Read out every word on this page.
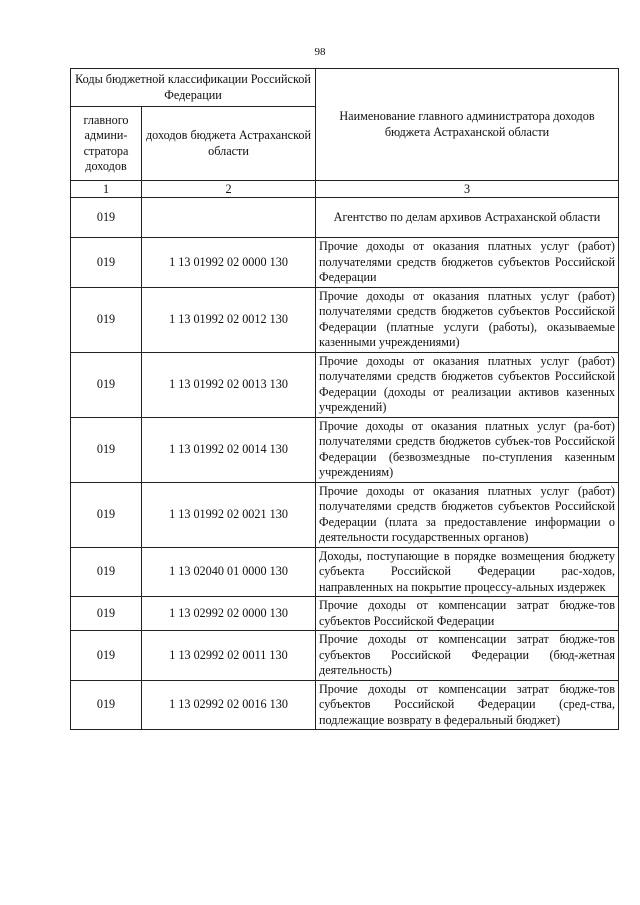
98
Коды бюджетной классификации Российской Федерации		Наименование главного администратора доходов бюджета Астраханской области
главного админи-стратора доходов	доходов бюджета Астраханской области	
1	2	3
019		Агентство по делам архивов Астраханской области
019	1 13 01992 02 0000 130	Прочие доходы от оказания платных услуг (работ) получателями средств бюджетов субъектов Российской Федерации
019	1 13 01992 02 0012 130	Прочие доходы от оказания платных услуг (работ) получателями средств бюджетов субъектов Российской Федерации (платные услуги (работы), оказываемые казенными учреждениями)
019	1 13 01992 02 0013 130	Прочие доходы от оказания платных услуг (работ) получателями средств бюджетов субъектов Российской Федерации (доходы от реализации активов казенных учреждений)
019	1 13 01992 02 0014 130	Прочие доходы от оказания платных услуг (ра-бот) получателями средств бюджетов субъек-тов Российской Федерации (безвозмездные по-ступления казенным учреждениям)
019	1 13 01992 02 0021 130	Прочие доходы от оказания платных услуг (работ) получателями средств бюджетов субъектов Российской Федерации (плата за предоставление информации о деятельности государственных органов)
019	1 13 02040 01 0000 130	Доходы, поступающие в порядке возмещения бюджету субъекта Российской Федерации рас-ходов, направленных на покрытие процессу-альных издержек
019	1 13 02992 02 0000 130	Прочие доходы от компенсации затрат бюдже-тов субъектов Российской Федерации
019	1 13 02992 02 0011 130	Прочие доходы от компенсации затрат бюдже-тов субъектов Российской Федерации (бюд-жетная деятельность)
019	1 13 02992 02 0016 130	Прочие доходы от компенсации затрат бюдже-тов субъектов Российской Федерации (сред-ства, подлежащие возврату в федеральный бюджет)
